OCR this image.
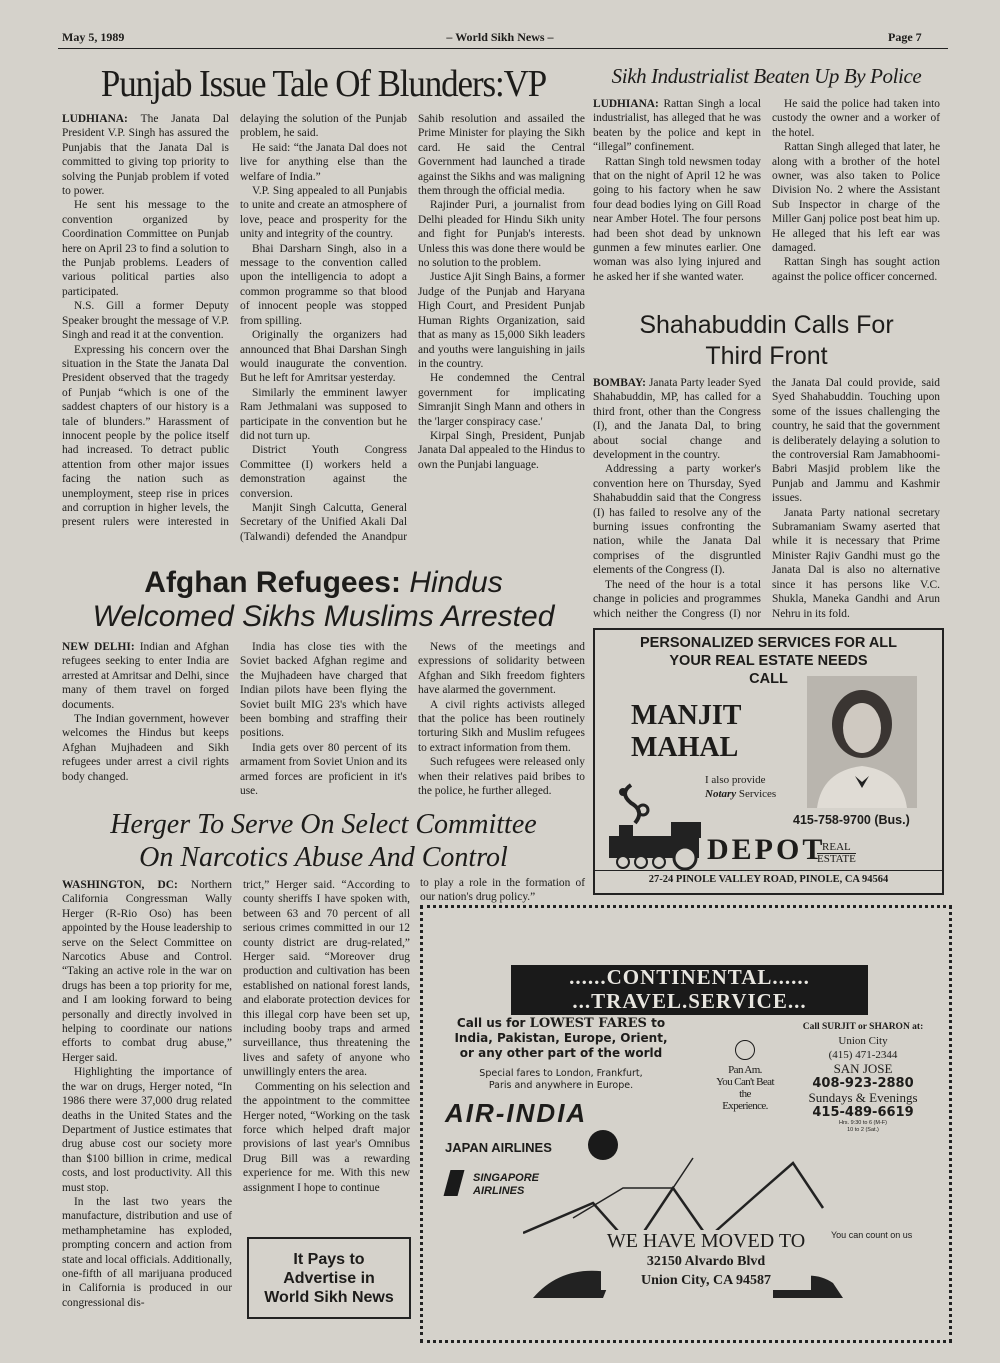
May 5, 1989	– World Sikh News –	Page 7
Punjab Issue Tale Of Blunders:VP

LUDHIANA: The Janata Dal President V.P. Singh has assured the Punjabis that the Janata Dal is committed to giving top priority to solving the Punjab problem if voted to power.

He sent his message to the convention organized by Coordination Committee on Punjab here on April 23 to find a solution to the Punjab problems. Leaders of various political parties also participated.

N.S. Gill a former Deputy Speaker brought the message of V.P. Singh and read it at the convention.

Expressing his concern over the situation in the State the Janata Dal President observed that the tragedy of Punjab “which is one of the saddest chapters of our history is a tale of blunders.” Harassment of innocent people by the police itself had increased. To detract public attention from other major issues facing the nation such as unemployment, steep rise in prices and corruption in higher levels, the present rulers were interested in delaying the solution of the Punjab problem, he said.

He said: “the Janata Dal does not live for anything else than the welfare of India.”

V.P. Sing appealed to all Punjabis to unite and create an atmosphere of love, peace and prosperity for the unity and integrity of the country.

Bhai Darsharn Singh, also in a message to the convention called upon the intelligencia to adopt a common programme so that blood of innocent people was stopped from spilling.

Originally the organizers had announced that Bhai Darshan Singh would inaugurate the convention. But he left for Amritsar yesterday.

Similarly the emminent lawyer Ram Jethmalani was supposed to participate in the convention but he did not turn up.

District Youth Congress Committee (I) workers held a demonstration against the conversion.

Manjit Singh Calcutta, General Secretary of the Unified Akali Dal (Talwandi) defended the Anandpur Sahib resolution and assailed the Prime Minister for playing the Sikh card. He said the Central Government had launched a tirade against the Sikhs and was maligning them through the official media.

Rajinder Puri, a journalist from Delhi pleaded for Hindu Sikh unity and fight for Punjab's interests. Unless this was done there would be no solution to the problem.

Justice Ajit Singh Bains, a former Judge of the Punjab and Haryana High Court, and President Punjab Human Rights Organization, said that as many as 15,000 Sikh leaders and youths were languishing in jails in the country.

He condemned the Central government for implicating Simranjit Singh Mann and others in the 'larger conspiracy case.'

Kirpal Singh, President, Punjab Janata Dal appealed to the Hindus to own the Punjabi language.

Sikh Industrialist Beaten Up By Police

LUDHIANA: Rattan Singh a local industrialist, has alleged that he was beaten by the police and kept in “illegal” confinement.

Rattan Singh told newsmen today that on the night of April 12 he was going to his factory when he saw four dead bodies lying on Gill Road near Amber Hotel. The four persons had been shot dead by unknown gunmen a few minutes earlier. One woman was also lying injured and he asked her if she wanted water.

He said the police had taken into custody the owner and a worker of the hotel.

Rattan Singh alleged that later, he along with a brother of the hotel owner, was also taken to Police Division No. 2 where the Assistant Sub Inspector in charge of the Miller Ganj police post beat him up. He alleged that his left ear was damaged.

Rattan Singh has sought action against the police officer concerned.

Shahabuddin Calls For
Third Front

BOMBAY: Janata Party leader Syed Shahabuddin, MP, has called for a third front, other than the Congress (I), and the Janata Dal, to bring about social change and development in the country.

Addressing a party worker's convention here on Thursday, Syed Shahabuddin said that the Congress (I) has failed to resolve any of the burning issues confronting the nation, while the Janata Dal comprises of the disgruntled elements of the Congress (I).

The need of the hour is a total change in policies and programmes which neither the Congress (I) nor the Janata Dal could provide, said Syed Shahabuddin. Touching upon some of the issues challenging the country, he said that the government is deliberately delaying a solution to the controversial Ram Jamabhoomi-Babri Masjid problem like the Punjab and Jammu and Kashmir issues.

Janata Party national secretary Subramaniam Swamy aserted that while it is necessary that Prime Minister Rajiv Gandhi must go the Janata Dal is also no alternative since it has persons like V.C. Shukla, Maneka Gandhi and Arun Nehru in its fold.

Afghan Refugees: Hindus
Welcomed Sikhs Muslims Arrested

NEW DELHI: Indian and Afghan refugees seeking to enter India are arrested at Amritsar and Delhi, since many of them travel on forged documents.

The Indian government, however welcomes the Hindus but keeps Afghan Mujhadeen and Sikh refugees under arrest a civil rights body changed.

India has close ties with the Soviet backed Afghan regime and the Mujhadeen have charged that Indian pilots have been flying the Soviet built MIG 23's which have been bombing and straffing their positions.

India gets over 80 percent of its armament from Soviet Union and its armed forces are proficient in it's use.

News of the meetings and expressions of solidarity between Afghan and Sikh freedom fighters have alarmed the government.

A civil rights activists alleged that the police has been routinely torturing Sikh and Muslim refugees to extract information from them.

Such refugees were released only when their relatives paid bribes to the police, he further alleged.

Herger To Serve On Select Committee
On Narcotics Abuse And Control

WASHINGTON, DC: Northern California Congressman Wally Herger (R-Rio Oso) has been appointed by the House leadership to serve on the Select Committee on Narcotics Abuse and Control. “Taking an active role in the war on drugs has been a top priority for me, and I am looking forward to being personally and directly involved in helping to coordinate our nations efforts to combat drug abuse,” Herger said.

Highlighting the importance of the war on drugs, Herger noted, “In 1986 there were 37,000 drug related deaths in the United States and the Department of Justice estimates that drug abuse cost our society more than $100 billion in crime, medical costs, and lost productivity. All this must stop.

In the last two years the manufacture, distribution and use of methamphetamine has exploded, prompting concern and action from state and local officials. Additionally, one-fifth of all marijuana produced in California is produced in our congressional dis-

trict,” Herger said. “According to county sheriffs I have spoken with, between 63 and 70 percent of all serious crimes committed in our 12 county district are drug-related,” Herger said. “Moreover drug production and cultivation has been established on national forest lands, and elaborate protection devices for this illegal corp have been set up, including booby traps and armed surveillance, thus threatening the lives and safety of anyone who unwillingly enters the area.

Commenting on his selection and the appointment to the committee Herger noted, “Working on the task force which helped draft major provisions of last year's Omnibus Drug Bill was a rewarding experience for me. With this new assignment I hope to continue

to play a role in the formation of our nation's drug policy.”

It Pays to
Advertise in
World Sikh News
PERSONALIZED SERVICES FOR ALL
YOUR REAL ESTATE NEEDS
CALL
MANJIT
MAHAL
I also provide
Notary Services
415-758-9700 (Bus.)
DEPOT
REAL
ESTATE
27-24 PINOLE VALLEY ROAD, PINOLE, CA 94564
......CONTINENTAL......
...TRAVEL.SERVICE...
Call us for LOWEST FARES to
India, Pakistan, Europe, Orient,
or any other part of the world
Special fares to London, Frankfurt,
Paris and anywhere in Europe.
AIR-INDIA
JAPAN AIRLINES
SINGAPORE
AIRLINES
Pan Am.
You Can't Beat
the
Experience.
Call SURJIT or SHARON at:
Union City
(415) 471-2344
SAN JOSE
408-923-2880
Sundays & Evenings
415-489-6619
Hrs. 9:30 to 6 (M-F)
10 to 2 (Sat.)
WE HAVE MOVED TO
32150 Alvardo Blvd
Union City, CA 94587
You can count on us
